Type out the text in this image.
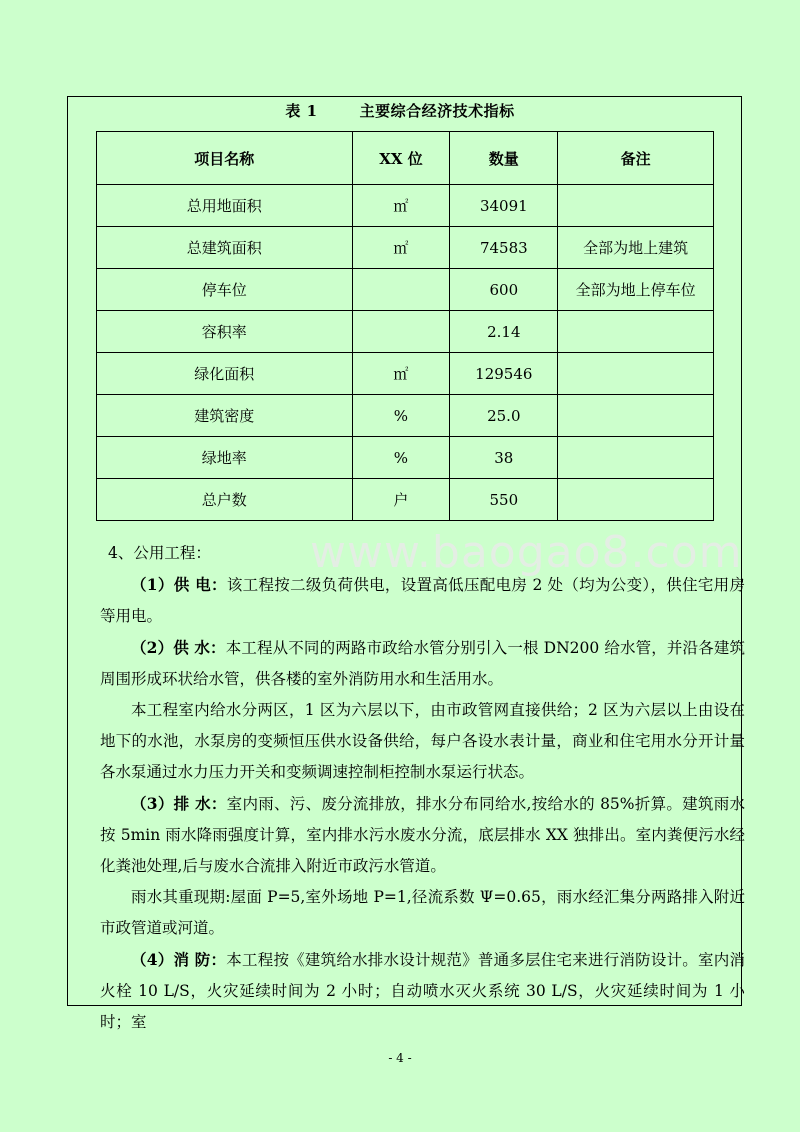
www.baogao8.com
表 1	主要综合经济技术指标
项目名称	XX 位	数量	备注
总用地面积	㎡	34091	
总建筑面积	㎡	74583	全部为地上建筑
停车位		600	全部为地上停车位
容积率		2.14	
绿化面积	㎡	129546	
建筑密度	%	25.0	
绿地率	%	38	
总户数	户	550	

4、公用工程：

（1）供 电：该工程按二级负荷供电，设置高低压配电房 2 处（均为公变），供住宅用房等用电。

（2）供 水：本工程从不同的两路市政给水管分别引入一根 DN200 给水管，并沿各建筑周围形成环状给水管，供各楼的室外消防用水和生活用水。

本工程室内给水分两区，1 区为六层以下，由市政管网直接供给；2 区为六层以上由设在地下的水池，水泵房的变频恒压供水设备供给，每户各设水表计量，商业和住宅用水分开计量各水泵通过水力压力开关和变频调速控制柜控制水泵运行状态。

（3）排 水：室内雨、污、废分流排放，排水分布同给水,按给水的 85%折算。建筑雨水按 5min 雨水降雨强度计算，室内排水污水废水分流，底层排水 XX 独排出。室内粪便污水经化粪池处理,后与废水合流排入附近市政污水管道。

雨水其重现期:屋面 P=5,室外场地 P=1,径流系数 Ψ=0.65，雨水经汇集分两路排入附近市政管道或河道。

（4）消 防：本工程按《建筑给水排水设计规范》普通多层住宅来进行消防设计。室内消火栓 10 L/S，火灾延续时间为 2 小时；自动喷水灭火系统 30 L/S，火灾延续时间为 1 小时；室

- 4 -
